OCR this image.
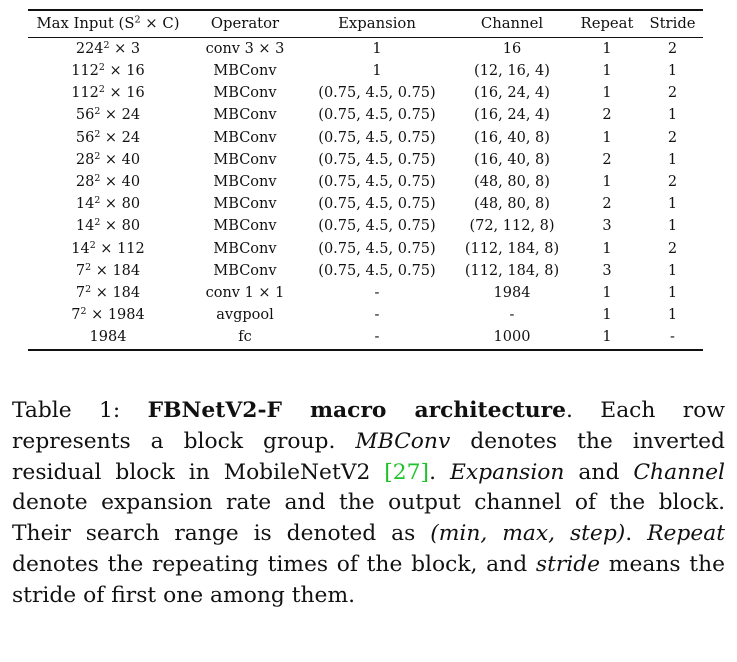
Max Input $(S^2 \times C)$	Operator	Expansion	Channel	Repeat	Stride
$224^2 \times 3$	conv 3 × 3	1	16	1	2
$112^2 \times 16$	MBConv	1	(12, 16, 4)	1	1
$112^2 \times 16$	MBConv	(0.75, 4.5, 0.75)	(16, 24, 4)	1	2
$56^2 \times 24$	MBConv	(0.75, 4.5, 0.75)	(16, 24, 4)	2	1
$56^2 \times 24$	MBConv	(0.75, 4.5, 0.75)	(16, 40, 8)	1	2
$28^2 \times 40$	MBConv	(0.75, 4.5, 0.75)	(16, 40, 8)	2	1
$28^2 \times 40$	MBConv	(0.75, 4.5, 0.75)	(48, 80, 8)	1	2
$14^2 \times 80$	MBConv	(0.75, 4.5, 0.75)	(48, 80, 8)	2	1
$14^2 \times 80$	MBConv	(0.75, 4.5, 0.75)	(72, 112, 8)	3	1
$14^2 \times 112$	MBConv	(0.75, 4.5, 0.75)	(112, 184, 8)	1	2
$7^2 \times 184$	MBConv	(0.75, 4.5, 0.75)	(112, 184, 8)	3	1
$7^2 \times 184$	conv 1 × 1	-	1984	1	1
$7^2 \times 1984$	avgpool	-	-	1	1
1984	fc	-	1000	1	-
Table 1: FBNetV2-F macro architecture. Each row represents a block group. MBConv denotes the inverted residual block in MobileNetV2 [27]. Expansion and Channel denote expansion rate and the output channel of the block. Their search range is denoted as (min, max, step). Repeat denotes the repeating times of the block, and stride means the stride of first one among them.
